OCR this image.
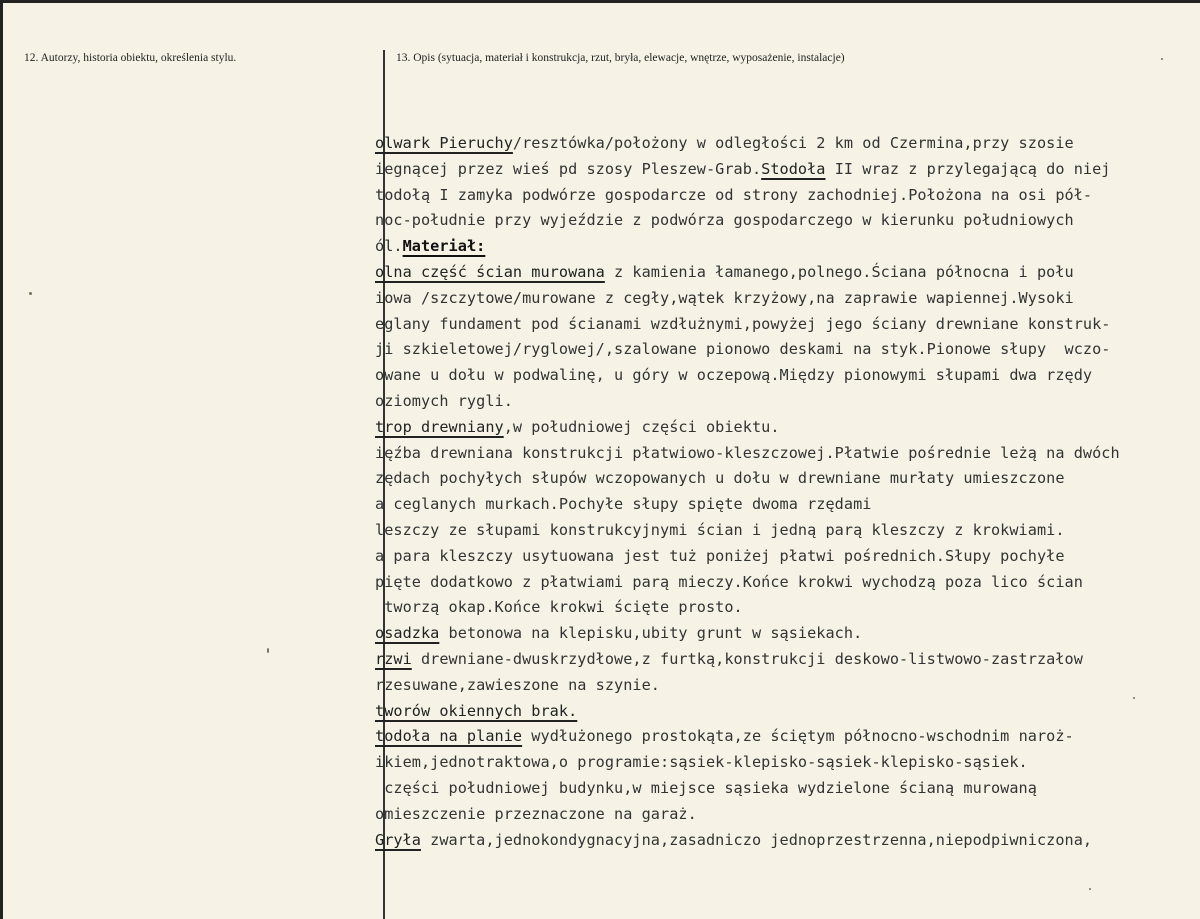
12. Autorzy, historia obiektu, określenia stylu.	13. Opis (sytuacja, materiał i konstrukcja, rzut, bryła, elewacje, wnętrze, wyposażenie, instalacje)
olwark Pieruchy/resztówka/położony w odległości 2 km od Czermina,przy szosie
iegnącej przez wieś pd szosy Pleszew-Grab.Stodoła II wraz z przylegającą do niej
todołą I zamyka podwórze gospodarcze od strony zachodniej.Położona na osi pół-
noc-południe przy wyjeździe z podwórza gospodarczego w kierunku południowych
ól.Materiał:
olna część ścian murowana z kamienia łamanego,polnego.Ściana północna i połu
iowa /szczytowe/murowane z cegły,wątek krzyżowy,na zaprawie wapiennej.Wysoki
eglany fundament pod ścianami wzdłużnymi,powyżej jego ściany drewniane konstruk-
ji szkieletowej/ryglowej/,szalowane pionowo deskami na styk.Pionowe słupy  wczo-
owane u dołu w podwalinę, u góry w oczepową.Między pionowymi słupami dwa rzędy
oziomych rygli.
trop drewniany,w południowej części obiektu.
ięźba drewniana konstrukcji płatwiowo-kleszczowej.Płatwie pośrednie leżą na dwóch
zędach pochyłych słupów wczopowanych u dołu w drewniane murłaty umieszczone
a ceglanych murkach.Pochyłe słupy spięte dwoma rzędami
leszczy ze słupami konstrukcyjnymi ścian i jedną parą kleszczy z krokwiami.
a para kleszczy usytuowana jest tuż poniżej płatwi pośrednich.Słupy pochyłe
pięte dodatkowo z płatwiami parą mieczy.Końce krokwi wychodzą poza lico ścian
tworzą okap.Końce krokwi ścięte prosto.
osadzka betonowa na klepisku,ubity grunt w sąsiekach.
rzwi drewniane-dwuskrzydłowe,z furtką,konstrukcji deskowo-listwowo-zastrzałow
rzesuwane,zawieszone na szynie.
tworów okiennych brak.
todoła na planie wydłużonego prostokąta,ze ściętym północno-wschodnim naroż-
ikiem,jednotraktowa,o programie:sąsiek-klepisko-sąsiek-klepisko-sąsiek.
części południowej budynku,w miejsce sąsieka wydzielone ścianą murowaną
omieszczenie przeznaczone na garaż.
Gryła zwarta,jednokondygnacyjna,zasadniczo jednoprzestrzenna,niepodpiwniczona,
